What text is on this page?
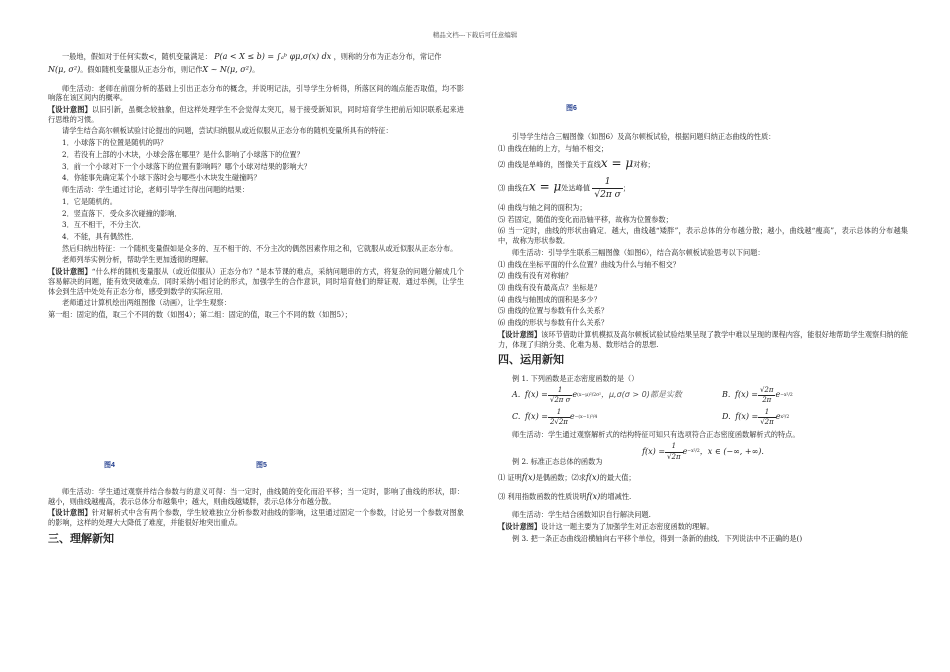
精品文档---下载后可任意编辑

一般地，假如对于任何实数<，随机变量满足： P(a < X ≤ b) = ∫ₐᵇ φμ,σ(x) dx ，则称的分布为正态分布，常记作

N(μ, σ²)。假如随机变量服从正态分布，则记作X ~ N(μ, σ²)。

师生活动：老师在前面分析的基础上引出正态分布的概念，并说明记法，引导学生分析得，所落区间的端点能否取值，均不影响落在该区间内的概率。

【设计意图】以旧引新，虽概念较抽象，但这样处理学生不会觉得太突兀，易于接受新知识，同时培育学生把前后知识联系起来进行思维的习惯。

请学生结合高尔顿板试验讨论提出的问题，尝试归纳服从或近似服从正态分布的随机变量所具有的特征：

1．小球落下的位置是随机的吗？

2．若没有上部的小木块，小球会落在哪里？是什么影响了小球落下的位置？

3．前一个小球对下一个小球落下的位置有影响吗？哪个小球对结果的影响大？

4．你能事先确定某个小球下落时会与哪些小木块发生碰撞吗？

师生活动：学生通过讨论，老师引导学生得出问题的结果：

1．它是随机的。

2．竖直落下．受众多次碰撞的影响．

3．互不相干，不分主次．

4．不能，具有偶然性．

然后归纳出特征：一个随机变量假如是众多的、互不相干的、不分主次的偶然因素作用之和，它就服从或近似服从正态分布。

老师列举实例分析，帮助学生更加透彻的理解。

【设计意图】“什么样的随机变量服从（或近似服从）正态分布？”是本节课的难点，采纳问题串的方式，将复杂的问题分解成几个容易解决的问题，能有效突破难点．同时采纳小组讨论的形式，加强学生的合作意识，同时培育他们的辩证观．通过举例，让学生体会到生活中处处有正态分布，感受到数学的实际应用．

老师通过计算机绘出两组图像（动画），让学生观察：

第一组：固定的值，取三个不同的数（如图4）；第二组：固定的值，取三个不同的数（如图5）；

图4	图5

师生活动：学生通过观察并结合参数与的意义可得：当一定时，曲线随的变化而沿平移；当一定时，影响了曲线的形状，即：越小，则曲线越瘦高，表示总体分布越集中；越大，则曲线越矮胖，表示总体分布越分散。

【设计意图】针对解析式中含有两个参数，学生较难独立分析参数对曲线的影响，这里通过固定一个参数，讨论另一个参数对图象的影响，这样的处理大大降低了难度，并能很好地突出重点。

三、理解新知
图6

引导学生结合三幅图像（如图6）及高尔顿板试验，根据问题归纳正态曲线的性质：

⑴ 曲线在轴的上方，与轴不相交；

⑵ 曲线是单峰的，图像关于直线x = μ对称；

⑶ 曲线在x = μ处达峰值 $\frac{1}{\text{√2π σ}}$ ；

⑷ 曲线与轴之间的面积为；

⑸ 若固定，随值的变化而沿轴平移，故称为位置参数；

⑹ 当一定时，曲线的形状由确定．越大，曲线越“矮胖”，表示总体的分布越分散；越小，曲线越“瘦高”，表示总体的分布越集中，故称为形状参数．

师生活动：引导学生联系三幅图像（如图6），结合高尔顿板试验思考以下问题：

⑴ 曲线在坐标平面的什么位置？曲线为什么与轴不相交？

⑵ 曲线有没有对称轴？

⑶ 曲线有没有最高点？坐标是？

⑷ 曲线与轴围成的面积是多少？

⑸ 曲线的位置与参数有什么关系？

⑹ 曲线的形状与参数有什么关系？

【设计意图】该环节借助计算机模拟及高尔顿板试验试验结果呈现了教学中难以呈现的课程内容，能很好地帮助学生观察归纳的能力，体现了归纳分类、化难为易、数形结合的思想.

四、运用新知

例 1. 下列函数是正态密度函数的是（）

A.
$f(x) = \frac{1}{\text{√2π σ}}$ e (x−μ)²/2σ² ，μ,σ(σ > 0)都是实数	B.
$f(x) = \frac{√2\pi}{2\pi}$ e −x²/2
C.
$f(x) = \frac{1}{2√2\pi}$ e −(x−1)²/4	D.
$f(x) = \frac{1}{√2\pi}$ e x²/2

师生活动：学生通过观察解析式的结构特征可知只有选项符合正态密度函数解析式的特点。

$f(x) = \frac{1}{√2\pi}$ e −x²/2 ，x ∈ (−∞, +∞).

例 2. 标准正态总体的函数为

⑴ 证明f(x)是偶函数；⑵求f(x)的最大值；

⑶ 利用指数函数的性质说明f(x)的增减性.

师生活动：学生结合函数知识自行解决问题.

【设计意图】设计这一题主要为了加强学生对正态密度函数的理解。

例 3. 把一条正态曲线沿横轴向右平移个单位，得到一条新的曲线．下列说法中不正确的是()
